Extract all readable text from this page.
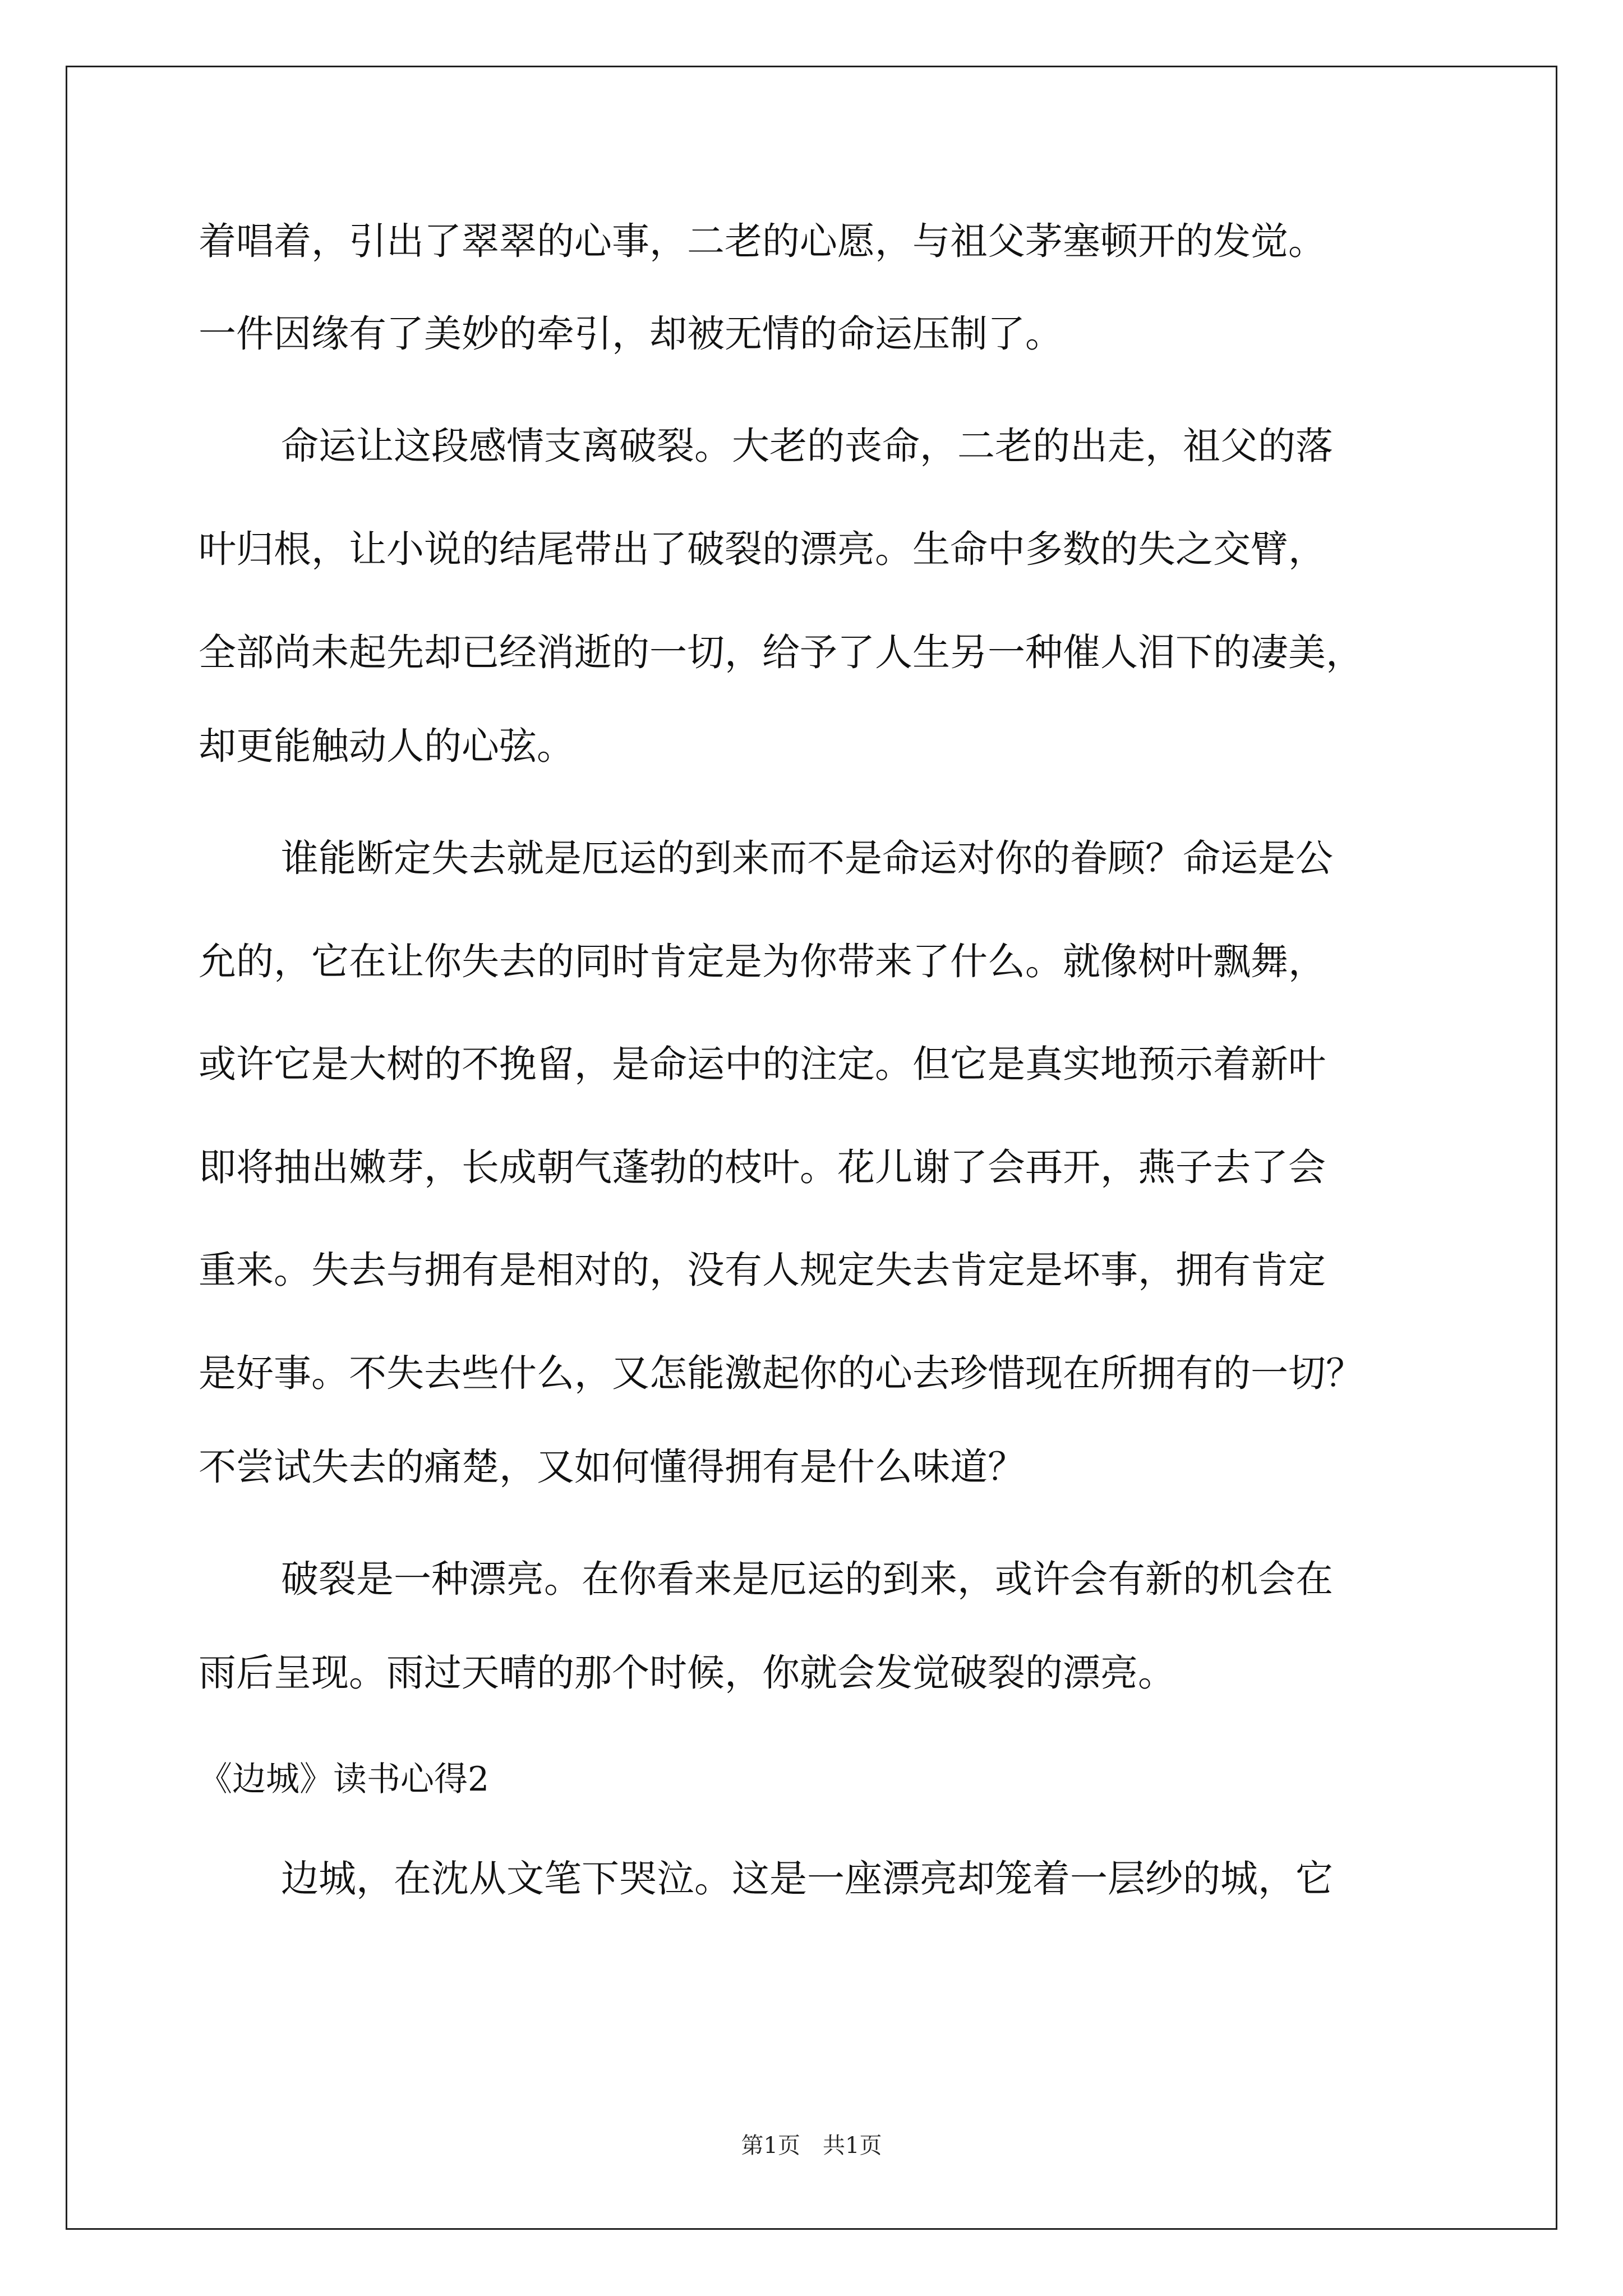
着唱着，引出了翠翠的心事，二老的心愿，与祖父茅塞顿开的发觉。
一件因缘有了美妙的牵引，却被无情的命运压制了。
命运让这段感情支离破裂。大老的丧命，二老的出走，祖父的落
叶归根，让小说的结尾带出了破裂的漂亮。生命中多数的失之交臂，
全部尚未起先却已经消逝的一切，给予了人生另一种催人泪下的凄美，
却更能触动人的心弦。
谁能断定失去就是厄运的到来而不是命运对你的眷顾？命运是公
允的，它在让你失去的同时肯定是为你带来了什么。就像树叶飘舞，
或许它是大树的不挽留，是命运中的注定。但它是真实地预示着新叶
即将抽出嫩芽，长成朝气蓬勃的枝叶。花儿谢了会再开，燕子去了会
重来。失去与拥有是相对的，没有人规定失去肯定是坏事，拥有肯定
是好事。不失去些什么，又怎能激起你的心去珍惜现在所拥有的一切？
不尝试失去的痛楚，又如何懂得拥有是什么味道？
破裂是一种漂亮。在你看来是厄运的到来，或许会有新的机会在
雨后呈现。雨过天晴的那个时候，你就会发觉破裂的漂亮。
《边城》读书心得2
边城，在沈从文笔下哭泣。这是一座漂亮却笼着一层纱的城，它
第1页　共1页
